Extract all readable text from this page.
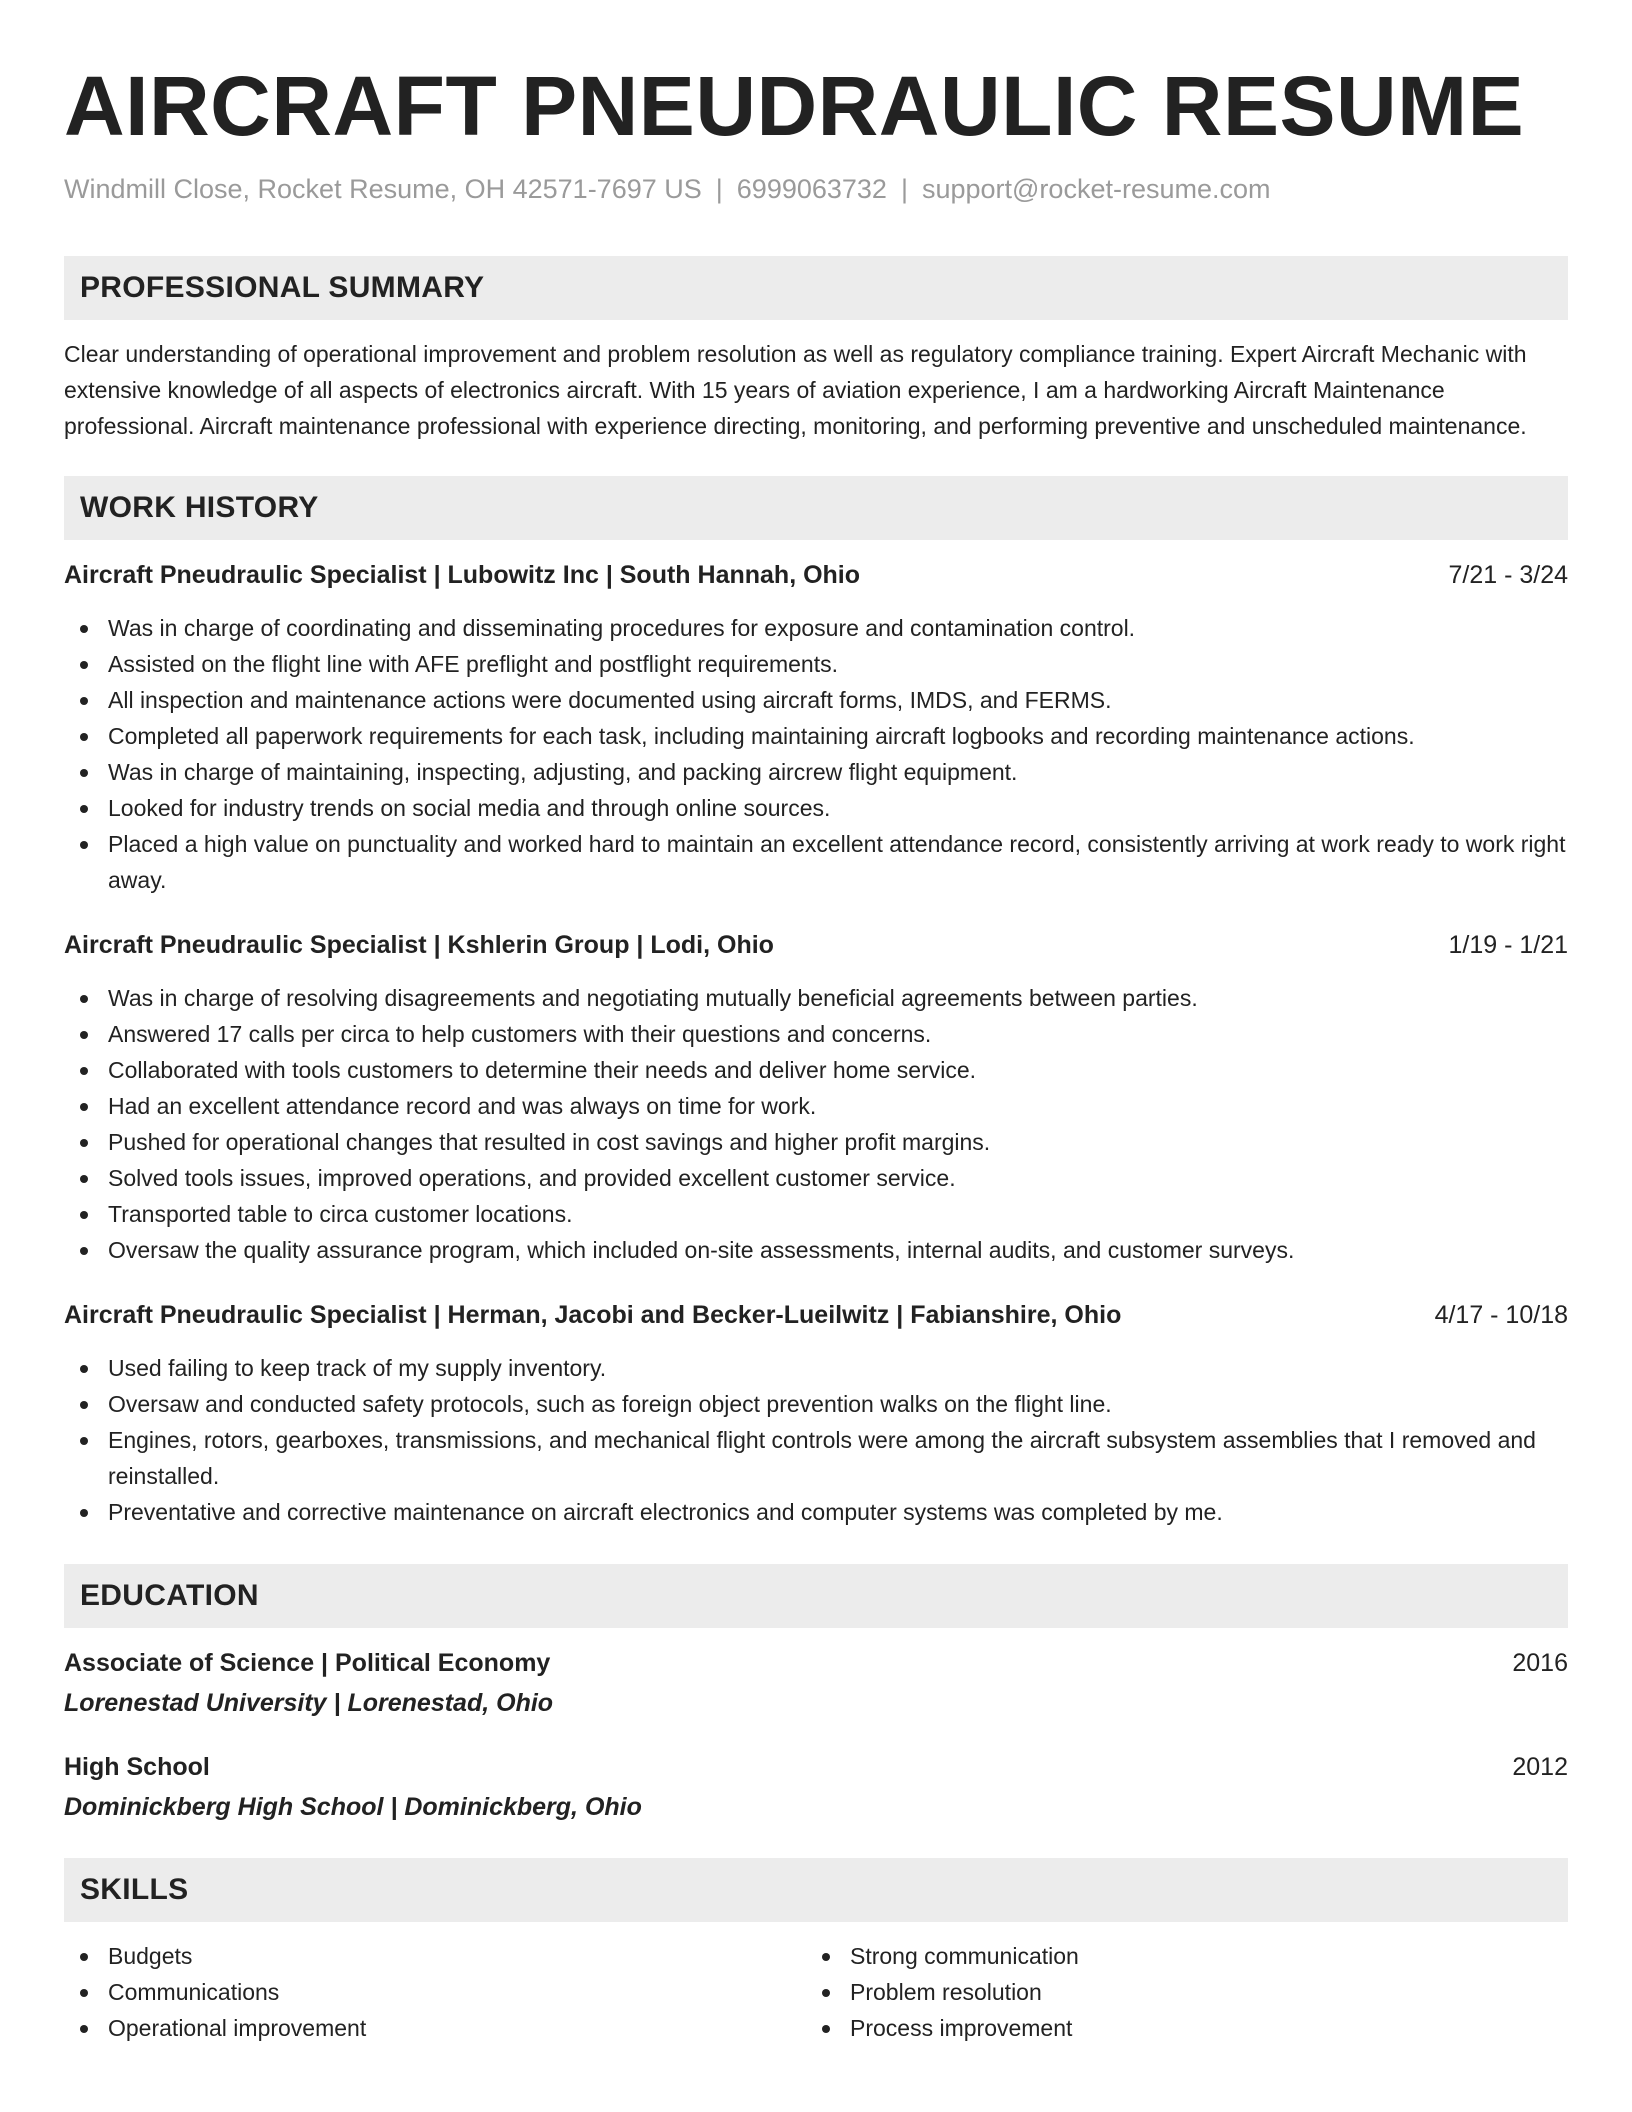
AIRCRAFT PNEUDRAULIC RESUME
Windmill Close, Rocket Resume, OH 42571-7697 US | 6999063732 | support@rocket-resume.com
PROFESSIONAL SUMMARY
Clear understanding of operational improvement and problem resolution as well as regulatory compliance training. Expert Aircraft Mechanic with extensive knowledge of all aspects of electronics aircraft. With 15 years of aviation experience, I am a hardworking Aircraft Maintenance professional. Aircraft maintenance professional with experience directing, monitoring, and performing preventive and unscheduled maintenance.
WORK HISTORY
Aircraft Pneudraulic Specialist | Lubowitz Inc | South Hannah, Ohio	7/21 - 3/24
Was in charge of coordinating and disseminating procedures for exposure and contamination control.
Assisted on the flight line with AFE preflight and postflight requirements.
All inspection and maintenance actions were documented using aircraft forms, IMDS, and FERMS.
Completed all paperwork requirements for each task, including maintaining aircraft logbooks and recording maintenance actions.
Was in charge of maintaining, inspecting, adjusting, and packing aircrew flight equipment.
Looked for industry trends on social media and through online sources.
Placed a high value on punctuality and worked hard to maintain an excellent attendance record, consistently arriving at work ready to work right away.
Aircraft Pneudraulic Specialist | Kshlerin Group | Lodi, Ohio	1/19 - 1/21
Was in charge of resolving disagreements and negotiating mutually beneficial agreements between parties.
Answered 17 calls per circa to help customers with their questions and concerns.
Collaborated with tools customers to determine their needs and deliver home service.
Had an excellent attendance record and was always on time for work.
Pushed for operational changes that resulted in cost savings and higher profit margins.
Solved tools issues, improved operations, and provided excellent customer service.
Transported table to circa customer locations.
Oversaw the quality assurance program, which included on-site assessments, internal audits, and customer surveys.
Aircraft Pneudraulic Specialist | Herman, Jacobi and Becker-Lueilwitz | Fabianshire, Ohio	4/17 - 10/18
Used failing to keep track of my supply inventory.
Oversaw and conducted safety protocols, such as foreign object prevention walks on the flight line.
Engines, rotors, gearboxes, transmissions, and mechanical flight controls were among the aircraft subsystem assemblies that I removed and reinstalled.
Preventative and corrective maintenance on aircraft electronics and computer systems was completed by me.
EDUCATION
Associate of Science | Political Economy	2016
Lorenestad University | Lorenestad, Ohio
High School	2012
Dominickberg High School | Dominickberg, Ohio
SKILLS
Budgets
Communications
Operational improvement
Strong communication
Problem resolution
Process improvement
